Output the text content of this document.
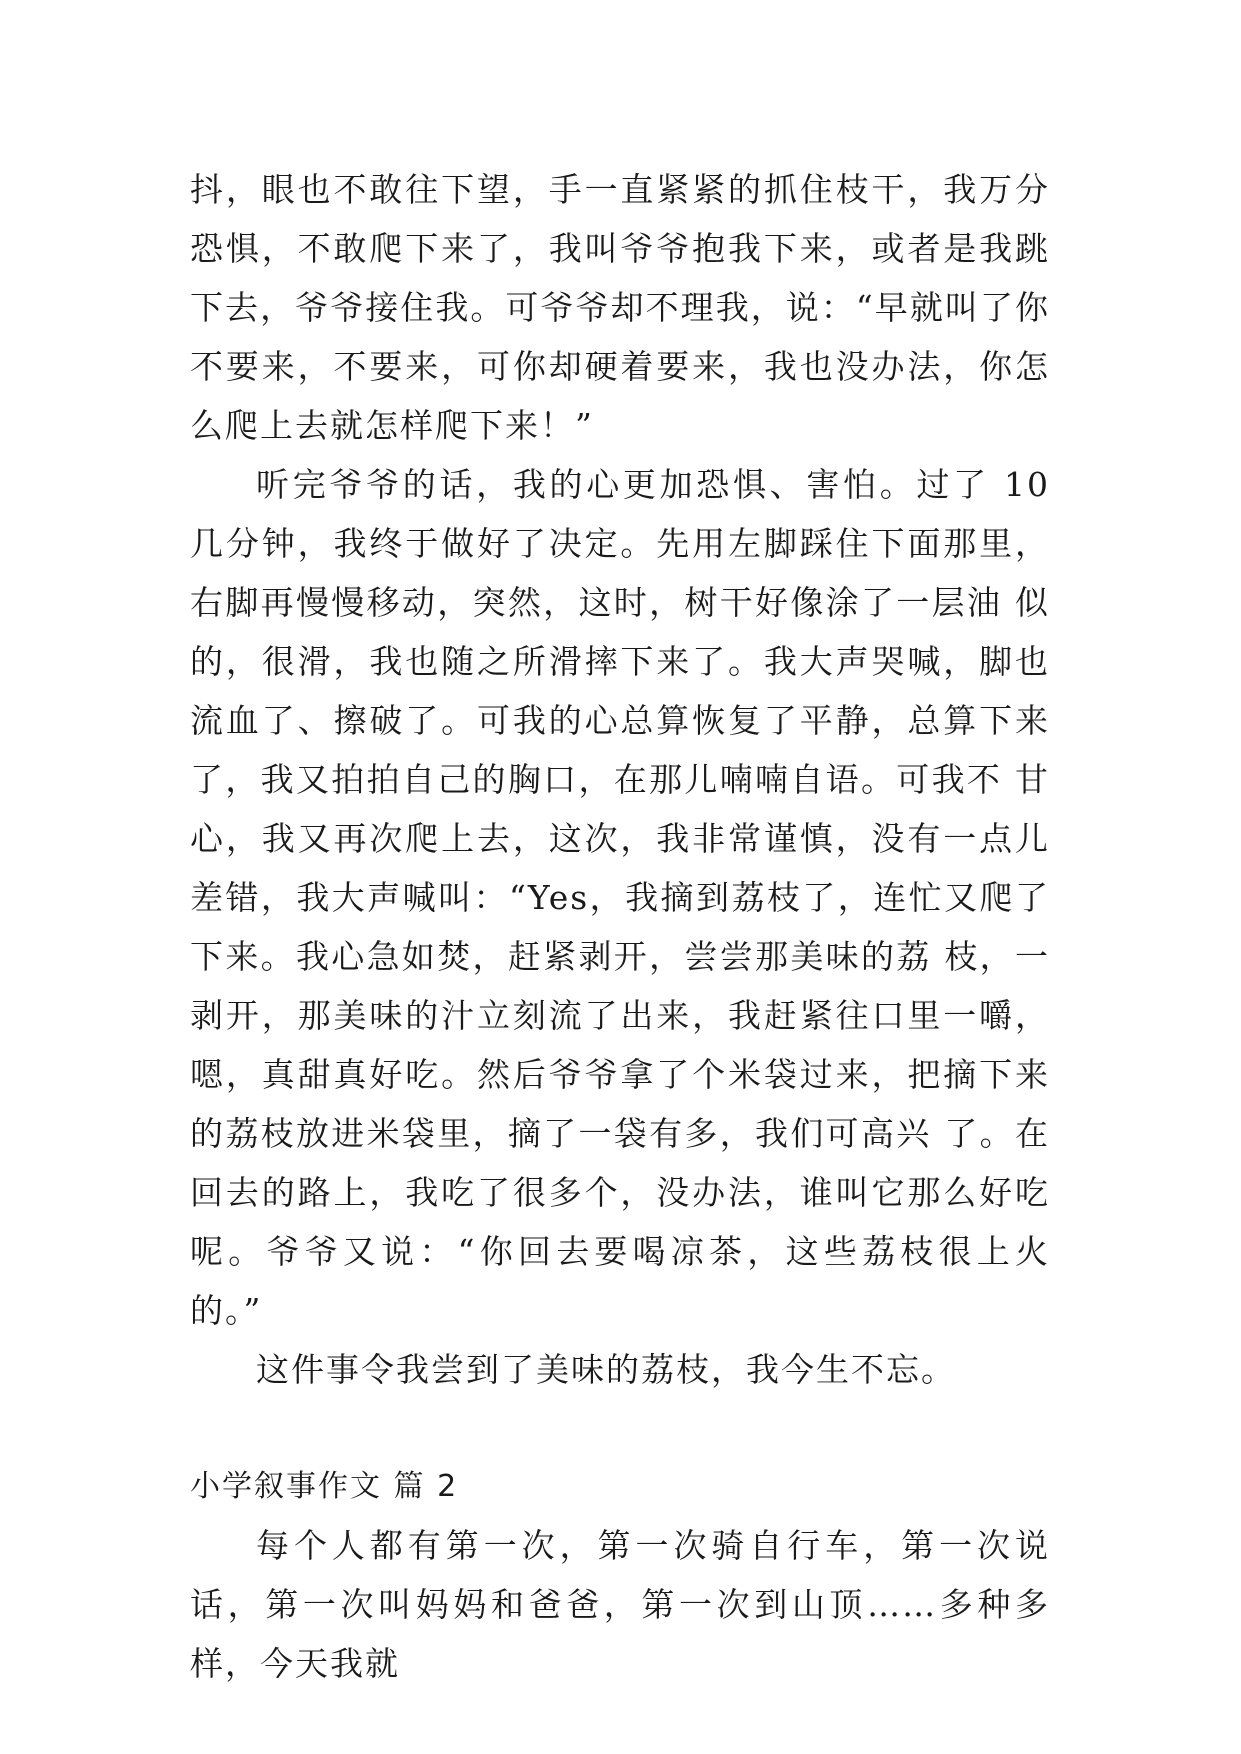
抖，眼也不敢往下望，手一直紧紧的抓住枝干，我万分恐惧，不敢爬下来了，我叫爷爷抱我下来，或者是我跳 下去，爷爷接住我。可爷爷却不理我，说：“早就叫了你不要来，不要来，可你却硬着要来，我也没办法，你怎么爬上去就怎样爬下来！”

听完爷爷的话，我的心更加恐惧、害怕。过了 10 几分钟，我终于做好了决定。先用左脚踩住下面那里，右脚再慢慢移动，突然，这时，树干好像涂了一层油 似的，很滑，我也随之所滑摔下来了。我大声哭喊，脚也流血了、擦破了。可我的心总算恢复了平静，总算下来了，我又拍拍自己的胸口，在那儿喃喃自语。可我不 甘心，我又再次爬上去，这次，我非常谨慎，没有一点儿差错，我大声喊叫：“Yes，我摘到荔枝了，连忙又爬了下来。我心急如焚，赶紧剥开，尝尝那美味的荔 枝，一剥开，那美味的汁立刻流了出来，我赶紧往口里一嚼，嗯，真甜真好吃。然后爷爷拿了个米袋过来，把摘下来的荔枝放进米袋里，摘了一袋有多，我们可高兴 了。在回去的路上，我吃了很多个，没办法，谁叫它那么好吃呢。爷爷又说：“你回去要喝凉茶，这些荔枝很上火的。”

这件事令我尝到了美味的荔枝，我今生不忘。

小学叙事作文 篇 2

每个人都有第一次，第一次骑自行车，第一次说话，第一次叫妈妈和爸爸，第一次到山顶……多种多样，今天我就
